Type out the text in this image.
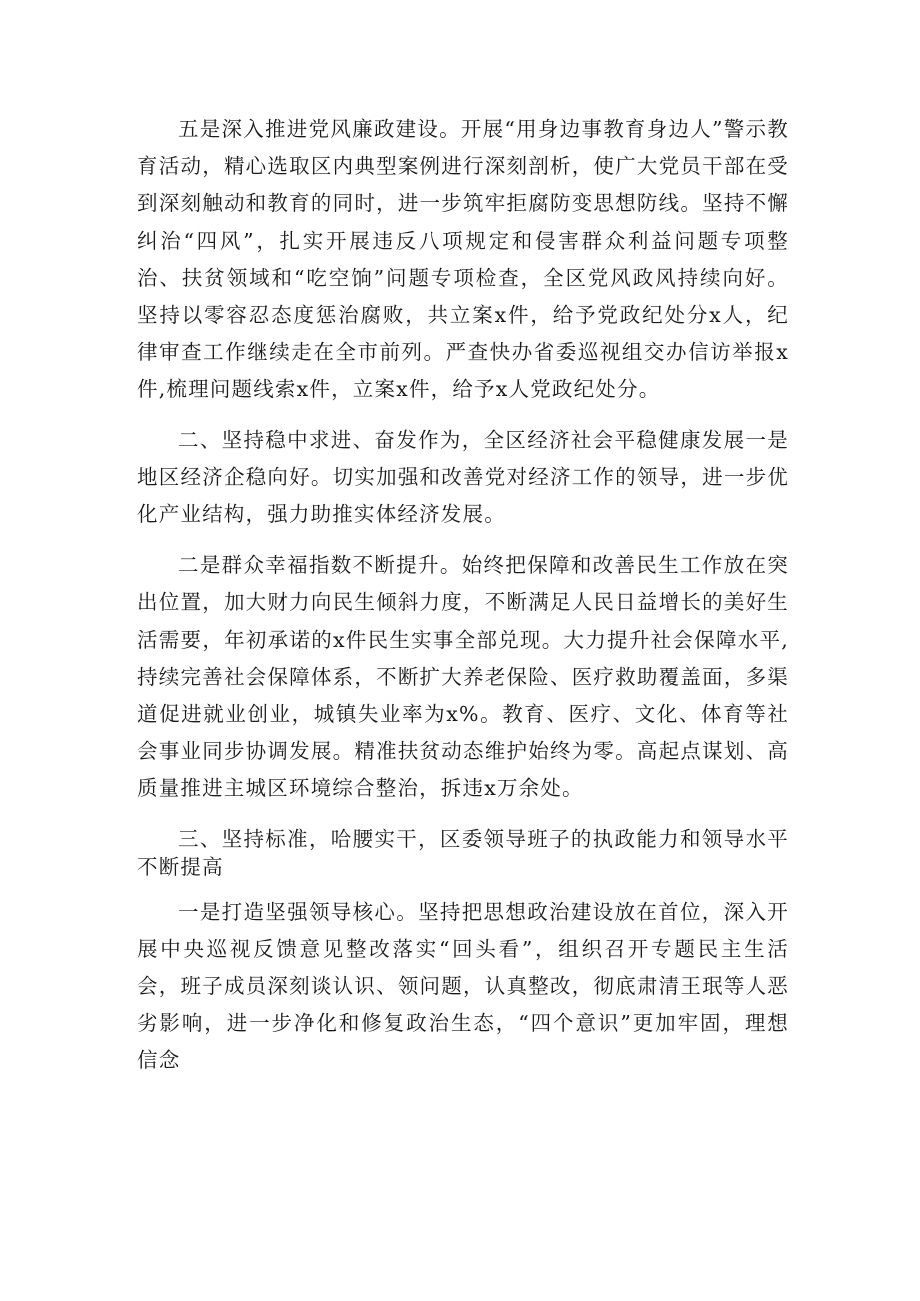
五是深入推进党风廉政建设。开展“用身边事教育身边人”警示教育活动，精心选取区内典型案例进行深刻剖析，使广大党员干部在受到深刻触动和教育的同时，进一步筑牢拒腐防变思想防线。坚持不懈纠治“四风”，扎实开展违反八项规定和侵害群众利益问题专项整治、扶贫领域和“吃空饷”问题专项检查，全区党风政风持续向好。坚持以零容忍态度惩治腐败，共立案x件，给予党政纪处分x人，纪律审查工作继续走在全市前列。严查快办省委巡视组交办信访举报x件,梳理问题线索x件，立案x件，给予x人党政纪处分。

二、坚持稳中求进、奋发作为，全区经济社会平稳健康发展一是地区经济企稳向好。切实加强和改善党对经济工作的领导，进一步优化产业结构，强力助推实体经济发展。

二是群众幸福指数不断提升。始终把保障和改善民生工作放在突出位置，加大财力向民生倾斜力度，不断满足人民日益增长的美好生活需要，年初承诺的x件民生实事全部兑现。大力提升社会保障水平,持续完善社会保障体系，不断扩大养老保险、医疗救助覆盖面，多渠道促进就业创业，城镇失业率为x%。教育、医疗、文化、体育等社会事业同步协调发展。精准扶贫动态维护始终为零。高起点谋划、高质量推进主城区环境综合整治，拆违x万余处。

三、坚持标准，哈腰实干，区委领导班子的执政能力和领导水平不断提高

一是打造坚强领导核心。坚持把思想政治建设放在首位，深入开展中央巡视反馈意见整改落实“回头看”，组织召开专题民主生活会，班子成员深刻谈认识、领问题，认真整改，彻底肃清王珉等人恶劣影响，进一步净化和修复政治生态，“四个意识”更加牢固，理想信念
